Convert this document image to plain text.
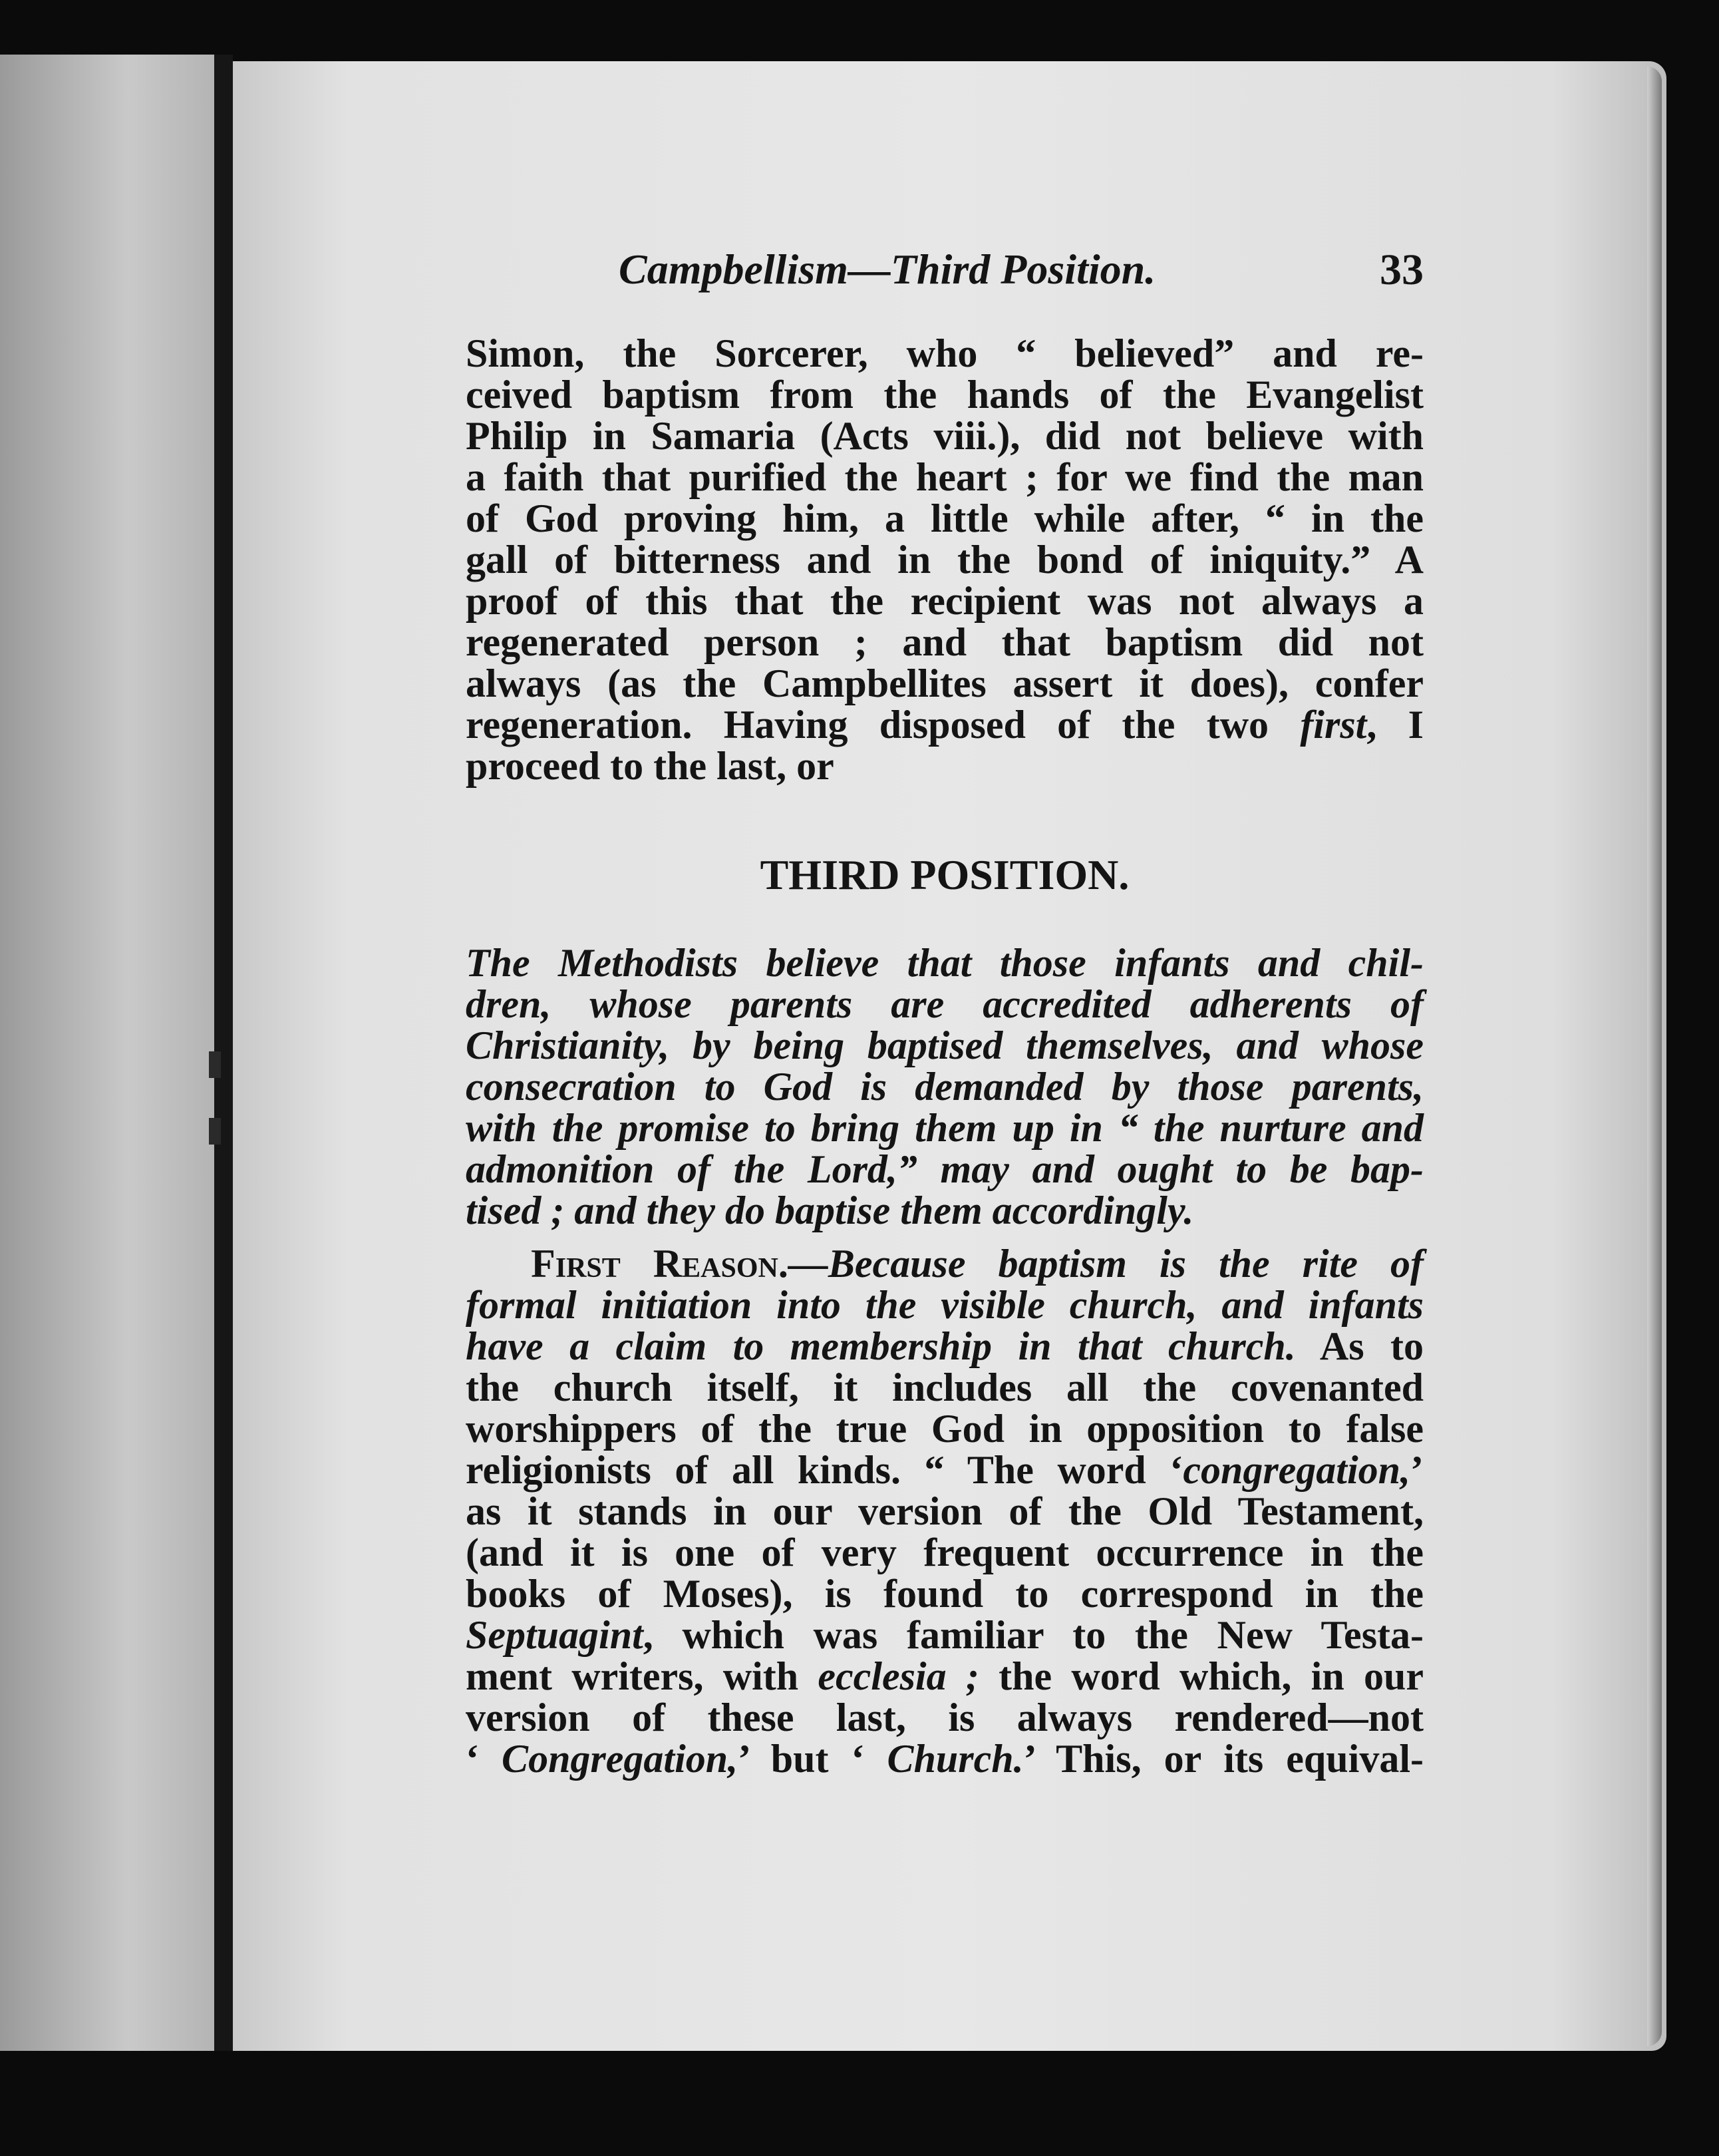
Campbellism—Third Position.	33
Simon, the Sorcerer, who “ believed” and re-
ceived baptism from the hands of the Evangelist
Philip in Samaria (Acts viii.), did not believe with
a faith that purified the heart ; for we find the man
of God proving him, a little while after, “ in the
gall of bitterness and in the bond of iniquity.” A
proof of this that the recipient was not always a
regenerated person ; and that baptism did not
always (as the Campbellites assert it does), confer
regeneration. Having disposed of the two first, I
proceed to the last, or
THIRD POSITION.
The Methodists believe that those infants and chil-
dren, whose parents are accredited adherents of
Christianity, by being baptised themselves, and whose
consecration to God is demanded by those parents,
with the promise to bring them up in “ the nurture and
admonition of the Lord,” may and ought to be bap-
tised ; and they do baptise them accordingly.
First Reason.—Because baptism is the rite of
formal initiation into the visible church, and infants
have a claim to membership in that church. As to
the church itself, it includes all the covenanted
worshippers of the true God in opposition to false
religionists of all kinds. “ The word ‘congregation,’
as it stands in our version of the Old Testament,
(and it is one of very frequent occurrence in the
books of Moses), is found to correspond in the
Septuagint, which was familiar to the New Testa-
ment writers, with ecclesia ; the word which, in our
version of these last, is always rendered—not
‘ Congregation,’ but ‘ Church.’ This, or its equival-
